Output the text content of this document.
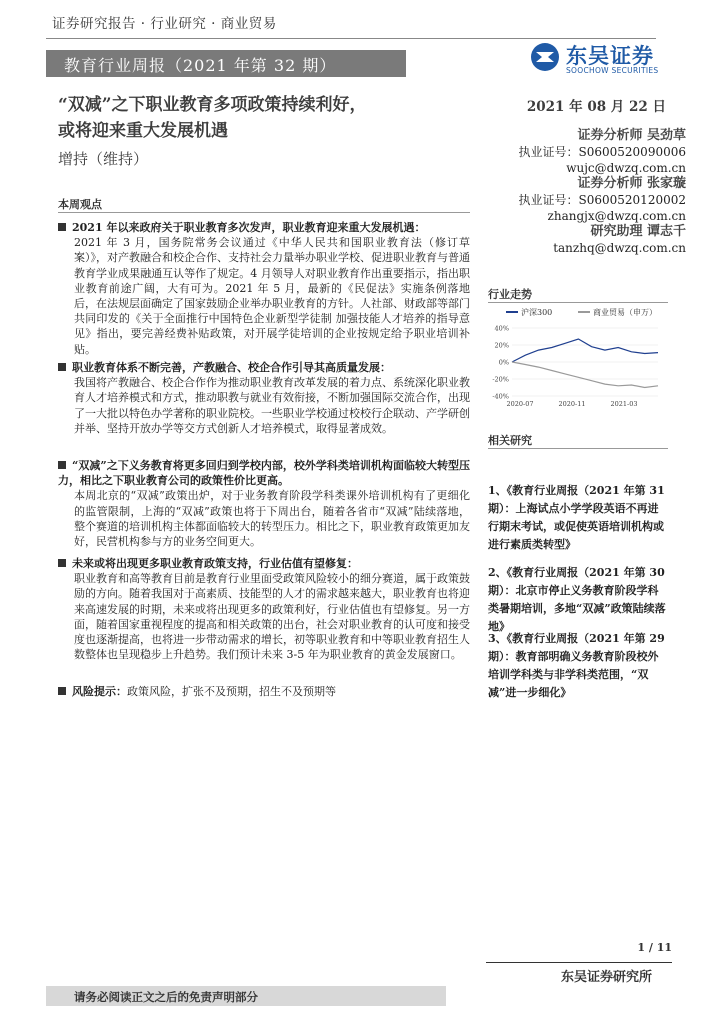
证券研究报告 · 行业研究 · 商业贸易
教育行业周报（2021 年第 32 期）	东吴证券
SOOCHOW SECURITIES
“双减”之下职业教育多项政策持续利好，
或将迎来重大发展机遇
增持（维持）
2021 年 08 月 22 日
证券分析师 吴劲草
执业证号：S0600520090006
wujc@dwzq.com.cn
证券分析师 张家璇
执业证号：S0600520120002
zhangjx@dwzq.com.cn
研究助理 谭志千
tanzhq@dwzq.com.cn
本周观点
2021 年以来政府关于职业教育多次发声，职业教育迎来重大发展机遇：
2021 年 3 月，国务院常务会议通过《中华人民共和国职业教育法（修订草案）》，对产教融合和校企合作、支持社会力量举办职业学校、促进职业教育与普通教育学业成果融通互认等作了规定。4 月领导人对职业教育作出重要指示，指出职业教育前途广阔，大有可为。2021 年 5 月，最新的《民促法》实施条例落地后，在法规层面确定了国家鼓励企业举办职业教育的方针。人社部、财政部等部门共同印发的《关于全面推行中国特色企业新型学徒制 加强技能人才培养的指导意见》指出，要完善经费补贴政策，对开展学徒培训的企业按规定给予职业培训补贴。
职业教育体系不断完善，产教融合、校企合作引导其高质量发展：
我国将产教融合、校企合作作为推动职业教育改革发展的着力点、系统深化职业教育人才培养模式和方式，推动职教与就业有效衔接，不断加强国际交流合作，出现了一大批以特色办学著称的职业院校。一些职业学校通过校校行企联动、产学研创并举、坚持开放办学等交方式创新人才培养模式，取得显著成效。
“双减”之下义务教育将更多回归到学校内部，校外学科类培训机构面临较大转型压力，相比之下职业教育公司的政策性价比更高。
本周北京的“双减”政策出炉，对于业务教育阶段学科类课外培训机构有了更细化的监管限制，上海的“双减”政策也将于下周出台，随着各省市“双减”陆续落地，整个赛道的培训机构主体都面临较大的转型压力。相比之下，职业教育政策更加友好，民营机构参与方的业务空间更大。
未来或将出现更多职业教育政策支持，行业估值有望修复：
职业教育和高等教育目前是教育行业里面受政策风险较小的细分赛道，属于政策鼓励的方向。随着我国对于高素质、技能型的人才的需求越来越大，职业教育也将迎来高速发展的时期，未来或将出现更多的政策利好，行业估值也有望修复。另一方面，随着国家重视程度的提高和相关政策的出台，社会对职业教育的认可度和接受度也逐渐提高，也将进一步带动需求的增长，初等职业教育和中等职业教育招生人数整体也呈现稳步上升趋势。我们预计未来 3-5 年为职业教育的黄金发展窗口。
风险提示：政策风险，扩张不及预期，招生不及预期等
行业走势
沪深300	商业贸易（申万）
40%
20%
0%
-20%
-40%
2020-07	2020-11	2021-03
相关研究
1、《教育行业周报（2021 年第 31 期）：上海试点小学学段英语不再进行期末考试，或促使英语培训机构或进行素质类转型》
2、《教育行业周报（2021 年第 30 期）：北京市停止义务教育阶段学科类暑期培训，多地“双减”政策陆续落地》
3、《教育行业周报（2021 年第 29 期）：教育部明确义务教育阶段校外培训学科类与非学科类范围，“双减”进一步细化》
1 / 11
东吴证券研究所
请务必阅读正文之后的免责声明部分
